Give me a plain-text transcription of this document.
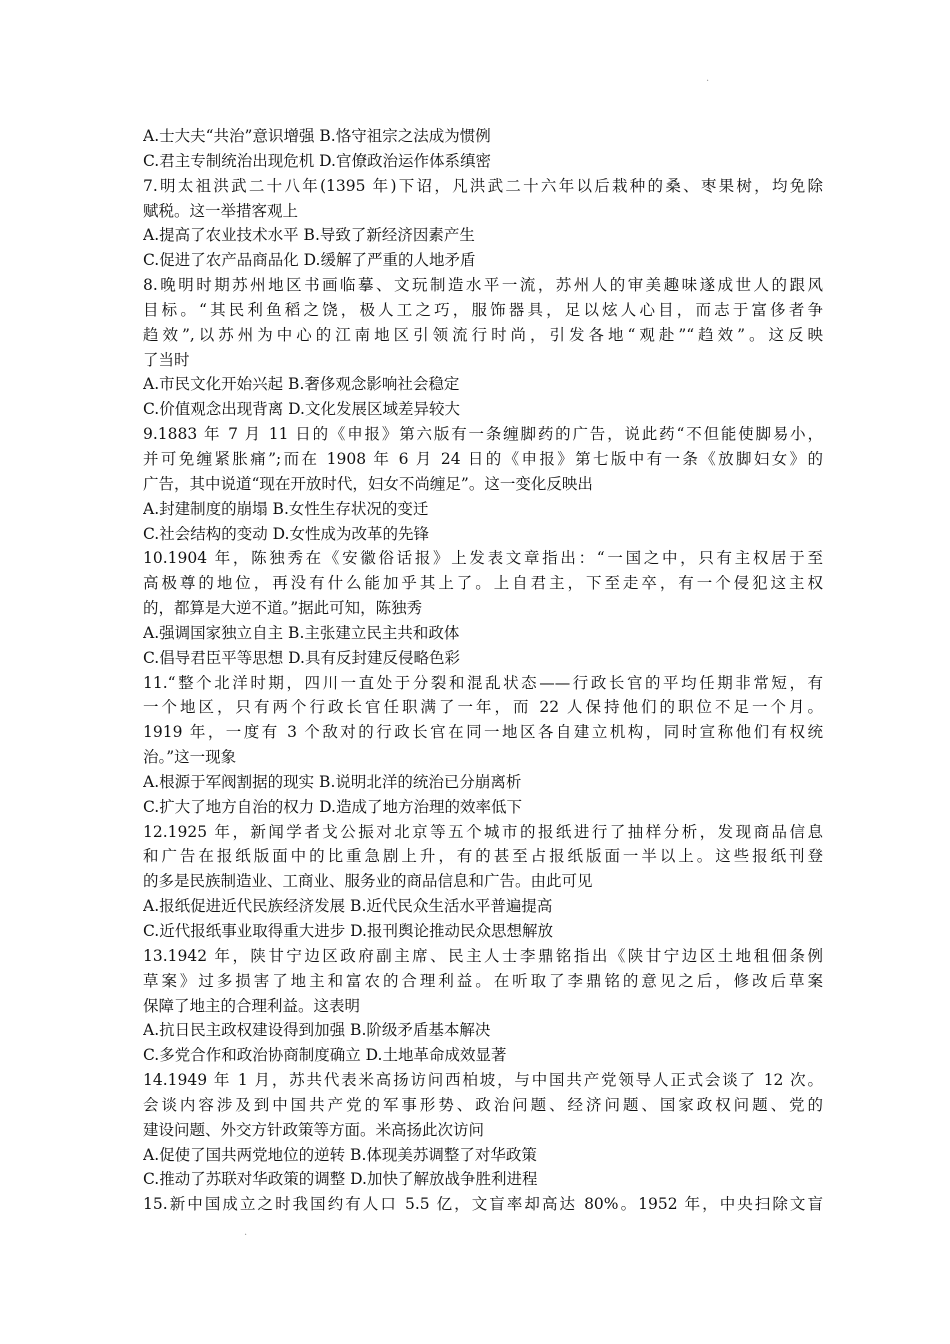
.
A.士大夫“共治”意识增强 B.恪守祖宗之法成为惯例
C.君主专制统治出现危机 D.官僚政治运作体系缜密
7.明太祖洪武二十八年(1395 年)下诏，凡洪武二十六年以后栽种的桑、枣果树，均免除
赋税。这一举措客观上
A.提高了农业技术水平 B.导致了新经济因素产生
C.促进了农产品商品化 D.缓解了严重的人地矛盾
8.晚明时期苏州地区书画临摹、文玩制造水平一流，苏州人的审美趣味遂成世人的跟风
目标。“其民利鱼稻之饶，极人工之巧，服饰器具，足以炫人心目，而志于富侈者争
趋效”,以苏州为中心的江南地区引领流行时尚，引发各地“观赴”“趋效”。这反映
了当时
A.市民文化开始兴起 B.奢侈观念影响社会稳定
C.价值观念出现背离 D.文化发展区域差异较大
9.1883 年 7 月 11 日的《申报》第六版有一条缠脚药的广告，说此药“不但能使脚易小，
并可免缠紧胀痛”;而在 1908 年 6 月 24 日的《申报》第七版中有一条《放脚妇女》的
广告，其中说道“现在开放时代，妇女不尚缠足”。这一变化反映出
A.封建制度的崩塌 B.女性生存状况的变迁
C.社会结构的变动 D.女性成为改革的先锋
10.1904 年，陈独秀在《安徽俗话报》上发表文章指出：“一国之中，只有主权居于至
高极尊的地位，再没有什么能加乎其上了。上自君主，下至走卒，有一个侵犯这主权
的，都算是大逆不道。”据此可知，陈独秀
A.强调国家独立自主 B.主张建立民主共和政体
C.倡导君臣平等思想 D.具有反封建反侵略色彩
11.“整个北洋时期，四川一直处于分裂和混乱状态——行政长官的平均任期非常短，有
一个地区，只有两个行政长官任职满了一年，而 22 人保持他们的职位不足一个月。
1919 年，一度有 3 个敌对的行政长官在同一地区各自建立机构，同时宣称他们有权统
治。”这一现象
A.根源于军阀割据的现实 B.说明北洋的统治已分崩离析
C.扩大了地方自治的权力 D.造成了地方治理的效率低下
12.1925 年，新闻学者戈公振对北京等五个城市的报纸进行了抽样分析，发现商品信息
和广告在报纸版面中的比重急剧上升，有的甚至占报纸版面一半以上。这些报纸刊登
的多是民族制造业、工商业、服务业的商品信息和广告。由此可见
A.报纸促进近代民族经济发展 B.近代民众生活水平普遍提高
C.近代报纸事业取得重大进步 D.报刊舆论推动民众思想解放
13.1942 年，陕甘宁边区政府副主席、民主人士李鼎铭指出《陕甘宁边区土地租佃条例
草案》过多损害了地主和富农的合理利益。在听取了李鼎铭的意见之后，修改后草案
保障了地主的合理利益。这表明
A.抗日民主政权建设得到加强 B.阶级矛盾基本解决
C.多党合作和政治协商制度确立 D.土地革命成效显著
14.1949 年 1 月，苏共代表米高扬访问西柏坡，与中国共产党领导人正式会谈了 12 次。
会谈内容涉及到中国共产党的军事形势、政治问题、经济问题、国家政权问题、党的
建设问题、外交方针政策等方面。米高扬此次访问
A.促使了国共两党地位的逆转 B.体现美苏调整了对华政策
C.推动了苏联对华政策的调整 D.加快了解放战争胜利进程
15.新中国成立之时我国约有人口 5.5 亿，文盲率却高达 80%。1952 年，中央扫除文盲
.
